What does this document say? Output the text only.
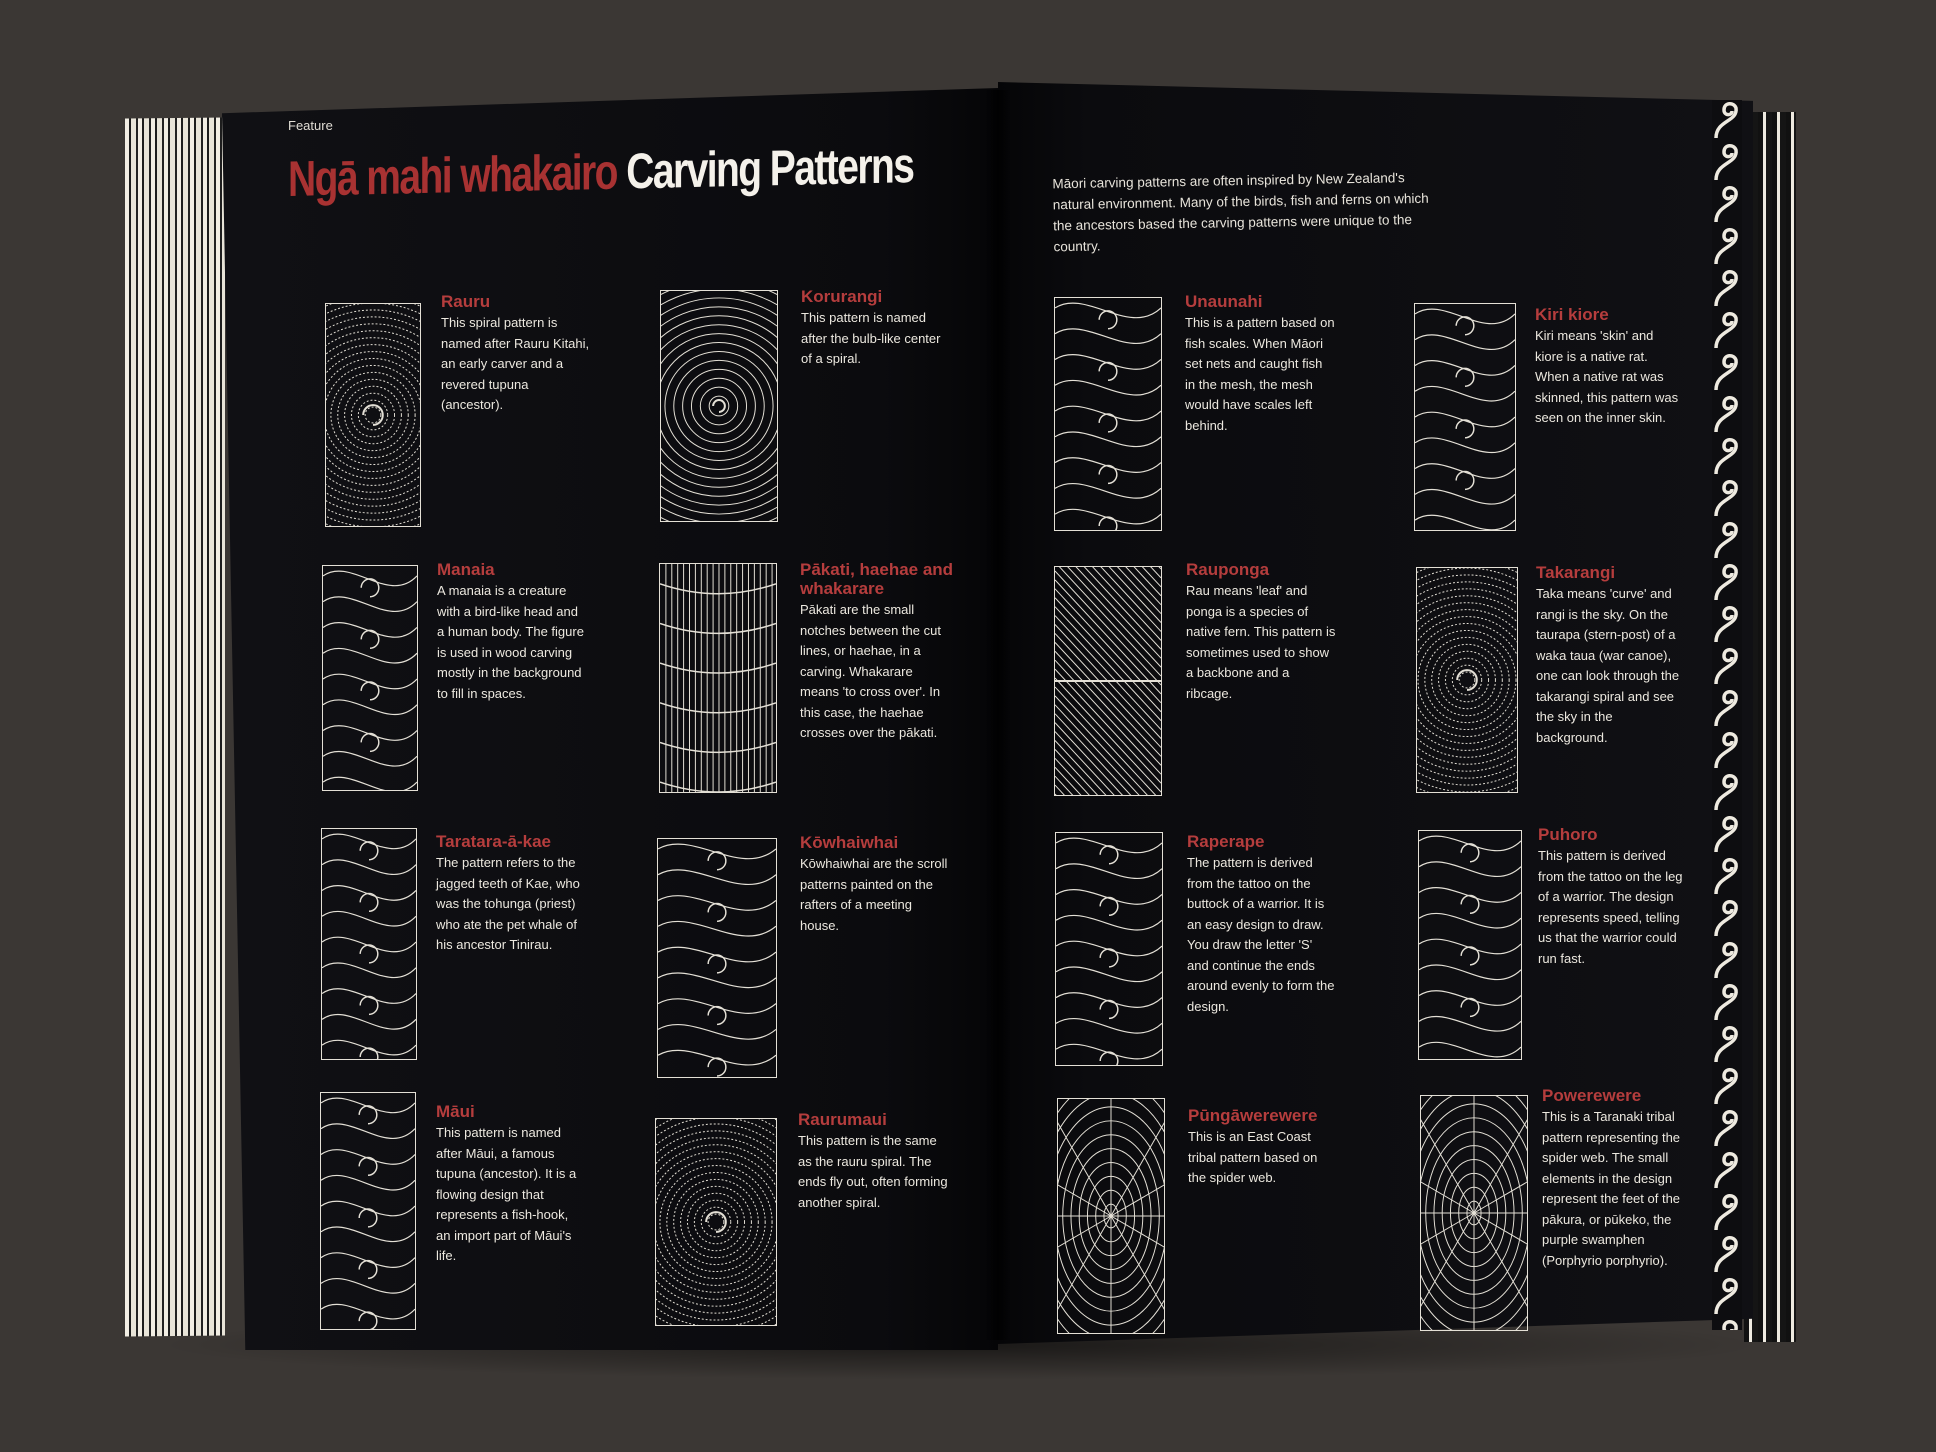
Feature
Ngā mahi whakairo Carving Patterns	Māori carving patterns are often inspired by New Zealand's natural environment. Many of the birds, fish and ferns on which the ancestors based the carving patterns were unique to the country.
Rauru
This spiral pattern is named after Rauru Kitahi, an early carver and a revered tupuna (ancestor).
Korurangi
This pattern is named after the bulb-like center of a spiral.
Manaia
A manaia is a creature with a bird-like head and a human body. The figure is used in wood carving mostly in the background to fill in spaces.
Pākati, haehae and whakarare
Pākati are the small notches between the cut lines, or haehae, in a carving. Whakarare means 'to cross over'. In this case, the haehae crosses over the pākati.
Taratara-ā-kae
The pattern refers to the jagged teeth of Kae, who was the tohunga (priest) who ate the pet whale of his ancestor Tinirau.
Kōwhaiwhai
Kōwhaiwhai are the scroll patterns painted on the rafters of a meeting house.
Māui
This pattern is named after Māui, a famous tupuna (ancestor). It is a flowing design that represents a fish-hook, an import part of Māui's life.
Raurumaui
This pattern is the same as the rauru spiral. The ends fly out, often forming another spiral.
Unaunahi
This is a pattern based on fish scales. When Māori set nets and caught fish in the mesh, the mesh would have scales left behind.
Kiri kiore
Kiri means 'skin' and kiore is a native rat. When a native rat was skinned, this pattern was seen on the inner skin.
Rauponga
Rau means 'leaf' and ponga is a species of native fern. This pattern is sometimes used to show a backbone and a ribcage.
Takarangi
Taka means 'curve' and rangi is the sky. On the taurapa (stern-post) of a waka taua (war canoe), one can look through the takarangi spiral and see the sky in the background.
Raperape
The pattern is derived from the tattoo on the buttock of a warrior. It is an easy design to draw. You draw the letter 'S' and continue the ends around evenly to form the design.
Puhoro
This pattern is derived from the tattoo on the leg of a warrior. The design represents speed, telling us that the warrior could run fast.
Pūngāwerewere
This is an East Coast tribal pattern based on the spider web.
Powerewere
This is a Taranaki tribal pattern representing the spider web. The small elements in the design represent the feet of the pākura, or pūkeko, the purple swamphen (Porphyrio porphyrio).
